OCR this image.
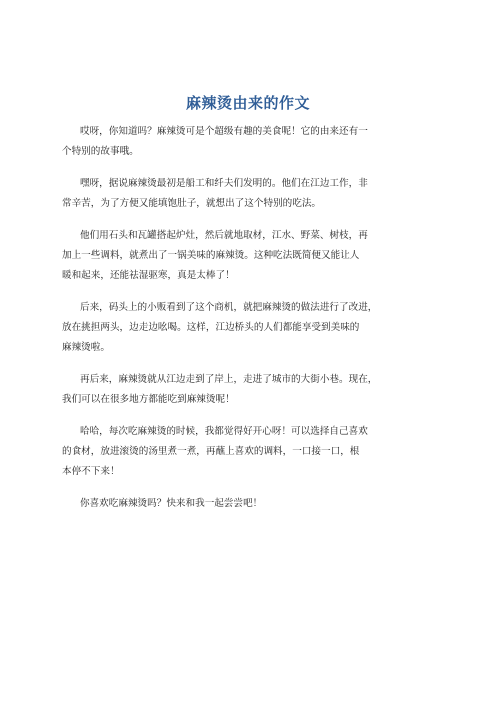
麻辣烫由来的作文

哎呀，你知道吗？麻辣烫可是个超级有趣的美食呢！它的由来还有一
个特别的故事哦。

嘿呀，据说麻辣烫最初是船工和纤夫们发明的。他们在江边工作，非
常辛苦，为了方便又能填饱肚子，就想出了这个特别的吃法。

他们用石头和瓦罐搭起炉灶，然后就地取材，江水、野菜、树枝，再
加上一些调料，就煮出了一锅美味的麻辣烫。这种吃法既简便又能让人
暖和起来，还能祛湿驱寒，真是太棒了！

后来，码头上的小贩看到了这个商机，就把麻辣烫的做法进行了改进，
放在挑担两头，边走边吆喝。这样，江边桥头的人们都能享受到美味的
麻辣烫啦。

再后来，麻辣烫就从江边走到了岸上，走进了城市的大街小巷。现在，
我们可以在很多地方都能吃到麻辣烫呢！

哈哈，每次吃麻辣烫的时候，我都觉得好开心呀！可以选择自己喜欢
的食材，放进滚烫的汤里煮一煮，再蘸上喜欢的调料，一口接一口，根
本停不下来！

你喜欢吃麻辣烫吗？快来和我一起尝尝吧！
